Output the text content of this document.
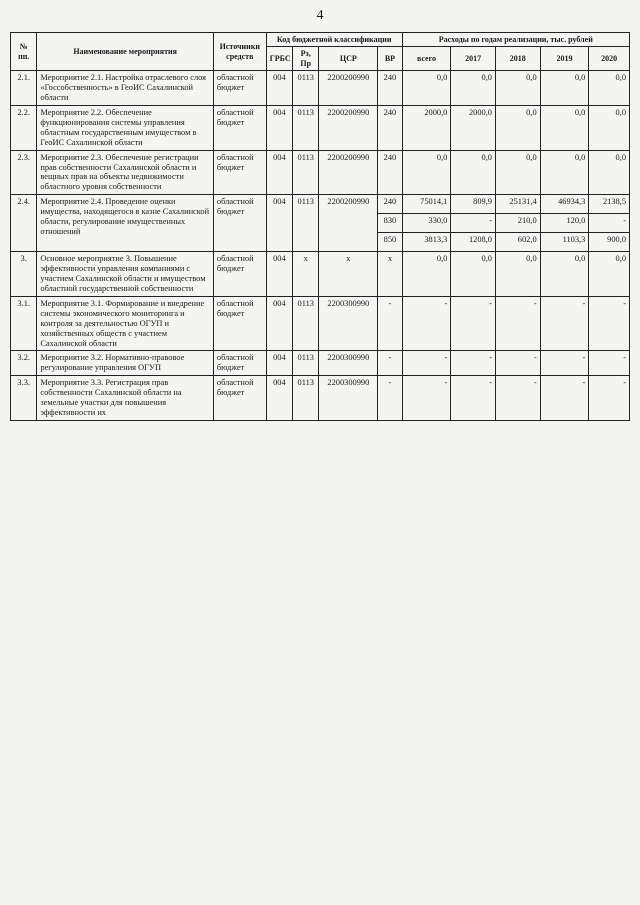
4
№ пп.	Наименование мероприятия	Источники средств	Код бюджетной классификации				Расходы по годам реализации, тыс. рублей				
			ГРБС	Рз, Пр	ЦСР	ВР	всего	2017	2018	2019	2020
2.1.	Мероприятие 2.1. Настройка отраслевого слоя «Госсобственность» в ГеоИС Сахалинской области	областной бюджет	004	0113	2200200990	240	0,0	0,0	0,0	0,0	0,0
2.2.	Мероприятие 2.2. Обеспечение функционирования системы управления областным государственным имуществом в ГеоИС Сахалинской области	областной бюджет	004	0113	2200200990	240	2000,0	2000,0	0,0	0,0	0,0
2.3.	Мероприятие 2.3. Обеспечение регистрации прав собственности Сахалинской области и вещных прав на объекты недвижимости областного уровня собственности	областной бюджет	004	0113	2200200990	240	0,0	0,0	0,0	0,0	0,0
2.4.	Мероприятие 2.4. Проведение оценки имущества, находящегося в казне Сахалинской области, регулирование имущественных отношений	областной бюджет	004	0113	2200200990	240	75014,1	809,9	25131,4	46934,3	2138,5
						830	330,0	-	210,0	120,0	-
						850	3813,3	1208,0	602,0	1103,3	900,0
3.	Основное мероприятие 3. Повышение эффективности управления компаниями с участием Сахалинской области и имуществом областной государственной собственности	областной бюджет	004	х	х	х	0,0	0,0	0,0	0,0	0,0
3.1.	Мероприятие 3.1. Формирование и внедрение системы экономического мониторинга и контроля за деятельностью ОГУП и хозяйственных обществ с участием Сахалинской области	областной бюджет	004	0113	2200300990	-	-	-	-	-	-
3.2.	Мероприятие 3.2. Нормативно-правовое регулирование управления ОГУП	областной бюджет	004	0113	2200300990	-	-	-	-	-	-
3.3.	Мероприятие 3.3. Регистрация прав собственности Сахалинской области на земельные участки для повышения эффективности их	областной бюджет	004	0113	2200300990	-	-	-	-	-	-
